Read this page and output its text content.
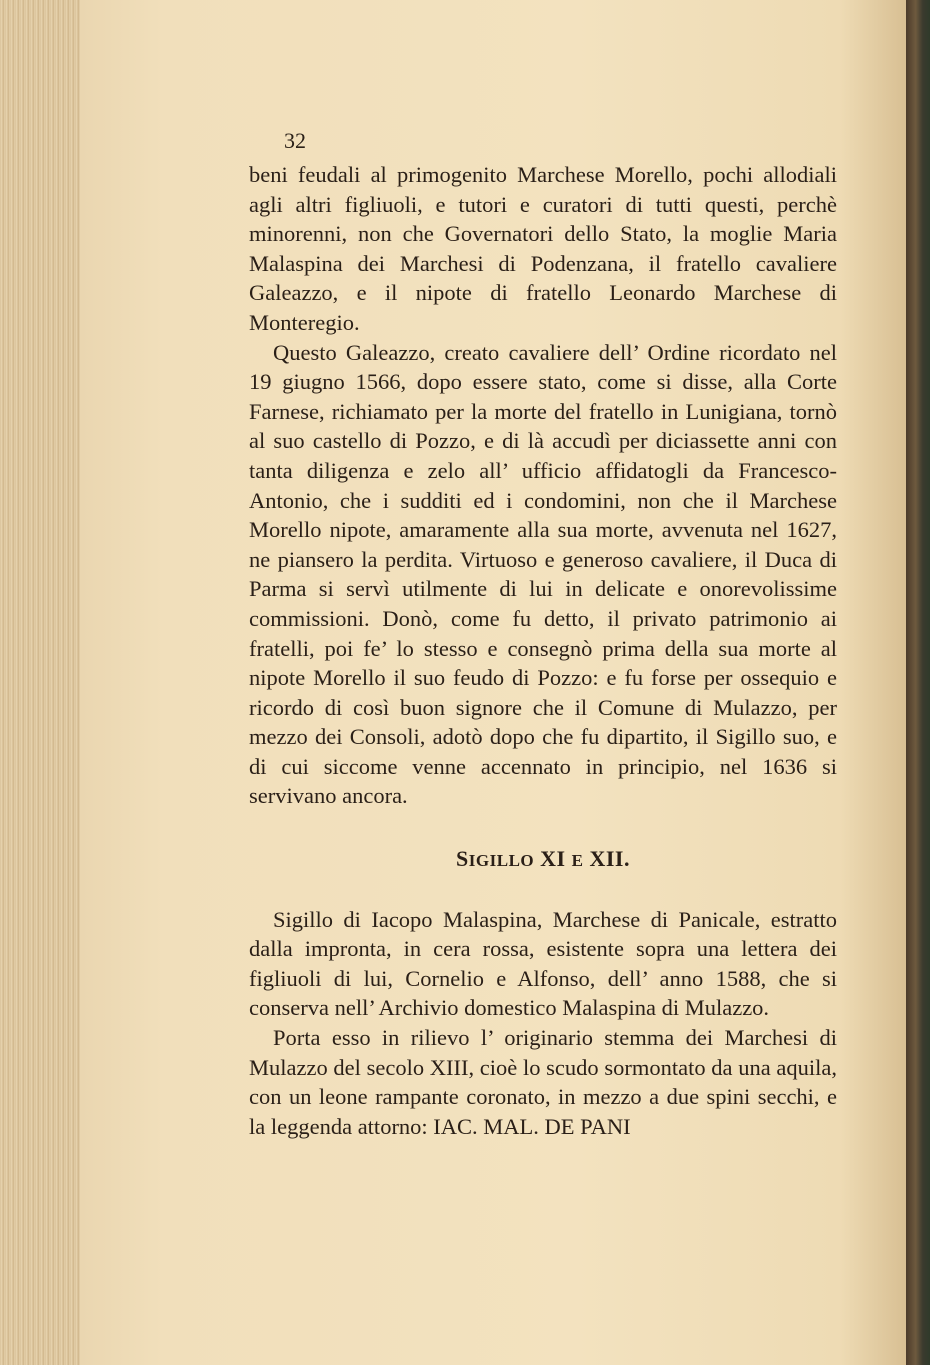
32

beni feudali al primogenito Marchese Morello, pochi allodiali agli altri figliuoli, e tutori e curatori di tutti questi, perchè minorenni, non che Governatori dello Stato, la moglie Maria Malaspina dei Marchesi di Podenzana, il fratello cavaliere Galeazzo, e il nipote di fratello Leonardo Marchese di Monteregio.

Questo Galeazzo, creato cavaliere dell’ Ordine ricordato nel 19 giugno 1566, dopo essere stato, come si disse, alla Corte Farnese, richiamato per la morte del fratello in Lunigiana, tornò al suo castello di Pozzo, e di là accudì per diciassette anni con tanta diligenza e zelo all’ ufficio affidatogli da Francesco-Antonio, che i sudditi ed i condomini, non che il Marchese Morello nipote, amaramente alla sua morte, avvenuta nel 1627, ne piansero la perdita. Virtuoso e generoso cavaliere, il Duca di Parma si servì utilmente di lui in delicate e onorevolissime commissioni. Donò, come fu detto, il privato patrimonio ai fratelli, poi fe’ lo stesso e consegnò prima della sua morte al nipote Morello il suo feudo di Pozzo: e fu forse per ossequio e ricordo di così buon signore che il Comune di Mulazzo, per mezzo dei Consoli, adotò dopo che fu dipartito, il Sigillo suo, e di cui siccome venne accennato in principio, nel 1636 si servivano ancora.

SIGILLO XI E XII.

Sigillo di Iacopo Malaspina, Marchese di Panicale, estratto dalla impronta, in cera rossa, esistente sopra una lettera dei figliuoli di lui, Cornelio e Alfonso, dell’ anno 1588, che si conserva nell’ Archivio domestico Malaspina di Mulazzo.

Porta esso in rilievo l’ originario stemma dei Marchesi di Mulazzo del secolo XIII, cioè lo scudo sormontato da una aquila, con un leone rampante coronato, in mezzo a due spini secchi, e la leggenda attorno: IAC. MAL. DE PANI
